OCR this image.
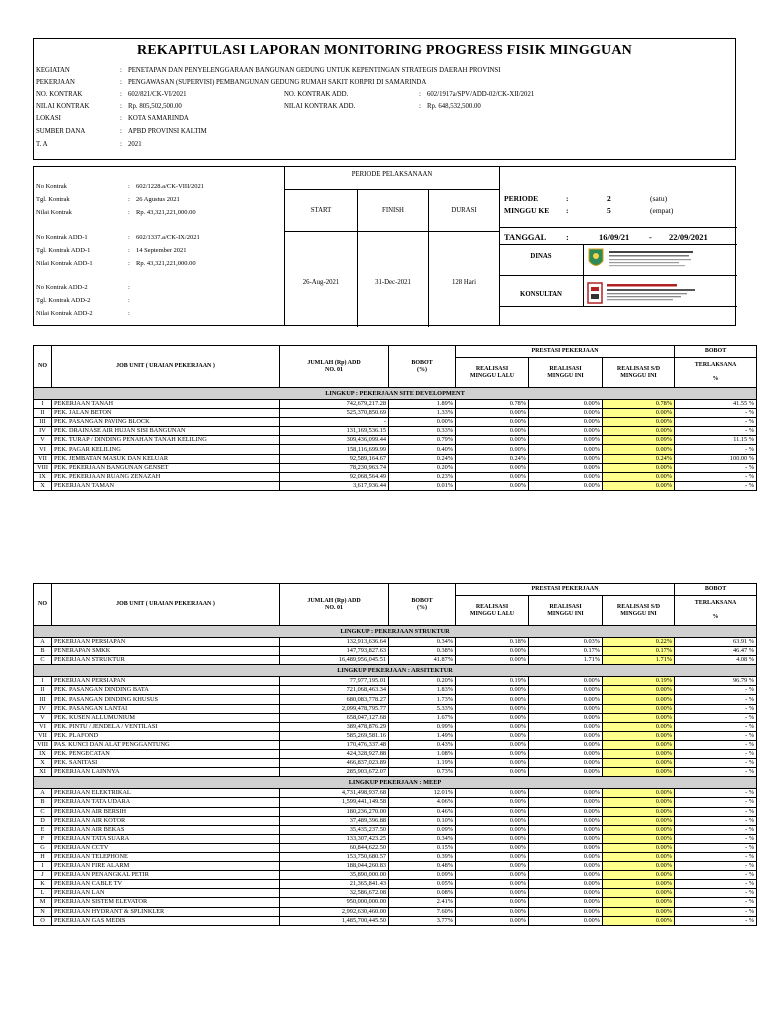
REKAPITULASI LAPORAN MONITORING PROGRESS FISIK MINGGUAN
KEGIATAN	: PENETAPAN DAN PENYELENGGARAAN BANGUNAN GEDUNG UNTUK KEPENTINGAN STRATEGIS DAERAH PROVINSI
PEKERJAAN	: PENGAWASAN (SUPERVISI) PEMBANGUNAN GEDUNG RUMAH SAKIT KORPRI DI SAMARINDA
NO. KONTRAK	: 602/821/CK-VI/2021
NILAI KONTRAK	: Rp. 805,502,500.00
NO. KONTRAK ADD.	: 602/1917a/SPV/ADD-02/CK-XII/2021
NILAI KONTRAK ADD.	: Rp. 648,532,500.00
LOKASI	: KOTA SAMARINDA
SUMBER DANA	: APBD PROVINSI KALTIM
T. A	: 2021
No Kontrak	: 602/1228.a/CK-VIII/2021
Tgl. Kontrak	: 26 Agustus 2021
Nilai Kontrak	: Rp. 43,321,221,000.00
No Kontrak ADD-1	: 602/1337.a/CK-IX/2021
Tgl. Kontrak ADD-1	: 14 September 2021
Nilai Kontrak ADD-1	: Rp. 43,321,221,000.00
No Kontrak ADD-2	:
Tgl. Kontrak ADD-2	:
Nilai Kontrak ADD-2	:
PERIODE PELAKSANAAN
START	FINISH	DURASI
26-Aug-2021	31-Dec-2021	128 Hari
PERIODE	:	2	(satu)
MINGGU KE :	5	(empat)
TANGGAL :	16/09/21 - 22/09/2021
DINAS
KONSULTAN
NO	JOB UNIT ( URAIAN PEKERJAAN )	JUMLAH (Rp) ADD NO. 01	BOBOT (%)	PRESTASI PEKERJAAN			BOBOT
				REALISASI MINGGU LALU	REALISASI MINGGU INI	REALISASI S/D MINGGU INI	TERLAKSANA

%
LINGKUP : PEKERJAAN SITE DEVELOPMENT							
I	PEKERJAAN TANAH	742,679,217.28	1.89%	0.78%	0.00%	0.78%	41.55 %
II	PEK. JALAN BETON	525,370,850.69	1.33%	0.00%	0.00%	0.00%	- %
III	PEK. PASANGAN PAVING BLOCK	-	0.00%	0.00%	0.00%	0.00%	- %
IV	PEK. DRAINASE AIR HUJAN SISI BANGUNAN	131,169,536.15	0.33%	0.00%	0.00%	0.00%	- %
V	PEK. TURAP / DINDING PENAHAN TANAH KELILING	309,436,099.44	0.79%	0.00%	0.09%	0.09%	11.15 %
VI	PEK. PAGAR KELILING	158,116,699.99	0.40%	0.00%	0.00%	0.00%	- %
VII	PEK. JEMBATAN MASUK DAN KELUAR	92,589,164.67	0.24%	0.24%	0.00%	0.24%	100.00 %
VIII	PEK. PEKERJAAN BANGUNAN GENSET	78,230,963.74	0.20%	0.00%	0.00%	0.00%	- %
IX	PEK. PEKERJAAN RUANG ZENAZAH	92,068,564.49	0.23%	0.00%	0.00%	0.00%	- %
X	PEKERJAAN TAMAN	3,617,936.44	0.01%	0.00%	0.00%	0.00%	- %
NO	JOB UNIT ( URAIAN PEKERJAAN )	JUMLAH (Rp) ADD NO. 01	BOBOT (%)	PRESTASI PEKERJAAN			BOBOT
				REALISASI MINGGU LALU	REALISASI MINGGU INI	REALISASI S/D MINGGU INI	TERLAKSANA

%
LINGKUP : PEKERJAAN STRUKTUR							
A	PEKERJAAN PERSIAPAN	132,913,636.64	0.34%	0.18%	0.03%	0.22%	63.91 %
B	PENERAPAN SMKK	147,793,827.63	0.38%	0.00%	0.17%	0.17%	46.47 %
C	PEKERJAAN STRUKTUR	16,489,956,045.51	41.87%	0.00%	1.71%	1.71%	4.08 %
LINGKUP PEKERJAAN : ARSITEKTUR							
I	PEKERJAAN PERSIAPAN	77,977,195.01	0.20%	0.19%	0.00%	0.19%	96.79 %
II	PEK. PASANGAN DINDING BATA	721,068,463.34	1.83%	0.00%	0.00%	0.00%	- %
III	PEK. PASANGAN DINDING KHUSUS	680,083,778.27	1.73%	0.00%	0.00%	0.00%	- %
IV	PEK. PASANGAN LANTAI	2,099,478,795.77	5.33%	0.00%	0.00%	0.00%	- %
V	PEK. KUSEN ALLUMUNIUM	658,047,127.68	1.67%	0.00%	0.00%	0.00%	- %
VI	PEK. PINTU / JENDELA / VENTILASI	389,478,876.29	0.99%	0.00%	0.00%	0.00%	- %
VII	PEK. PLAFOND	585,269,581.16	1.49%	0.00%	0.00%	0.00%	- %
VIII	PAS. KUNCI DAN ALAT PENGGANTUNG	170,476,337.48	0.43%	0.00%	0.00%	0.00%	- %
IX	PEK. PENGECATAN	424,328,927.88	1.08%	0.00%	0.00%	0.00%	- %
X	PEK. SANITASI	466,837,023.89	1.19%	0.00%	0.00%	0.00%	- %
XI	PEKERJAAN LAINNYA	285,903,672.07	0.73%	0.00%	0.00%	0.00%	- %
LINGKUP PEKERJAAN : MEEP							
A	PEKERJAAN ELEKTRIKAL	4,731,498,937.68	12.01%	0.00%	0.00%	0.00%	- %
B	PEKERJAAN TATA UDARA	1,599,441,149.58	4.06%	0.00%	0.00%	0.00%	- %
C	PEKERJAAN AIR BERSIH	180,236,270.00	0.46%	0.00%	0.00%	0.00%	- %
D	PEKERJAAN AIR KOTOR	37,489,396.88	0.10%	0.00%	0.00%	0.00%	- %
E	PEKERJAAN AIR BEKAS	35,435,237.50	0.09%	0.00%	0.00%	0.00%	- %
F	PEKERJAAN TATA SUARA	133,307,423.25	0.34%	0.00%	0.00%	0.00%	- %
G	PEKERJAAN CCTV	60,844,622.50	0.15%	0.00%	0.00%	0.00%	- %
H	PEKERJAAN TELEPHONE	153,750,680.57	0.39%	0.00%	0.00%	0.00%	- %
I	PEKERJAAN FIRE ALARM	188,044,260.83	0.48%	0.00%	0.00%	0.00%	- %
J	PEKERJAAN PENANGKAL PETIR	35,890,000.00	0.09%	0.00%	0.00%	0.00%	- %
K	PEKERJAAN CABLE TV	21,365,841.43	0.05%	0.00%	0.00%	0.00%	- %
L	PEKERJAAN LAN	32,586,672.08	0.08%	0.00%	0.00%	0.00%	- %
M	PEKERJAAN SISTEM ELEVATOR	950,000,000.00	2.41%	0.00%	0.00%	0.00%	- %
N	PEKERJAAN HYDRANT & SPLINKLER	2,992,630,460.00	7.60%	0.00%	0.00%	0.00%	- %
O	PEKERJAAN GAS MEDIS	1,485,700,445.50	3.77%	0.00%	0.00%	0.00%	- %
